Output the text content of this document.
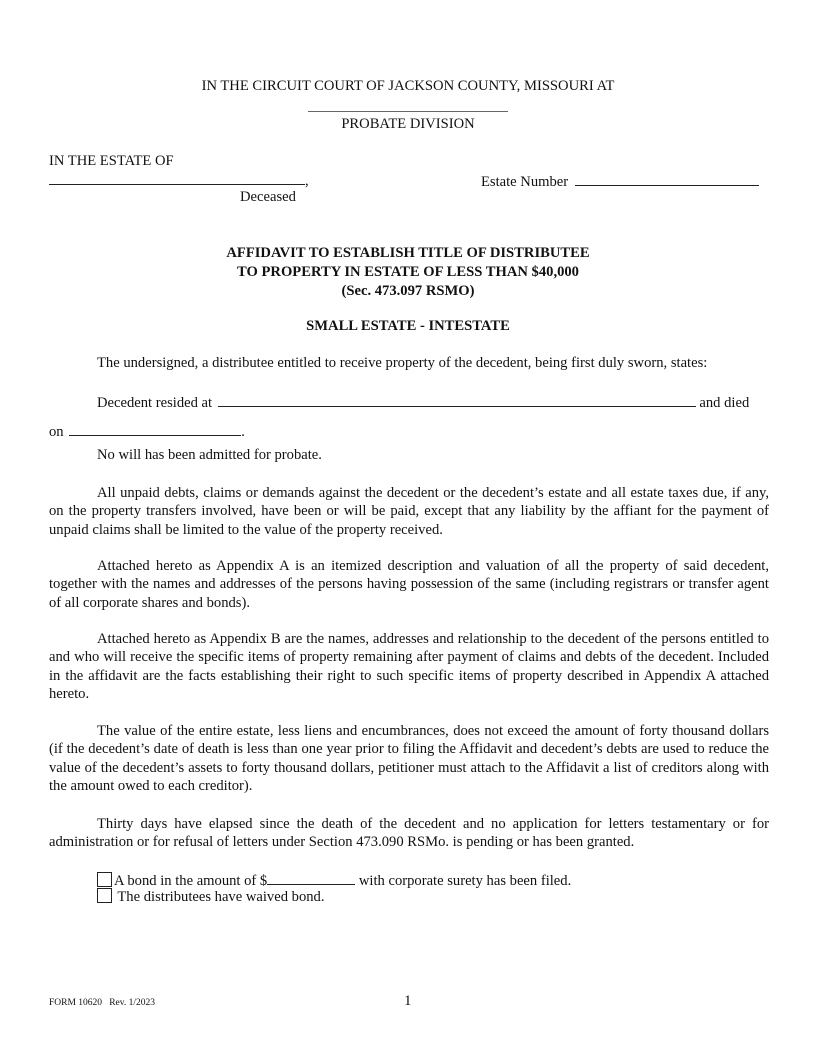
IN THE CIRCUIT COURT OF JACKSON COUNTY, MISSOURI AT
PROBATE DIVISION
IN THE ESTATE OF
,
Deceased
Estate Number
AFFIDAVIT TO ESTABLISH TITLE OF DISTRIBUTEE
TO PROPERTY IN ESTATE OF LESS THAN $40,000
(Sec. 473.097 RSMO)
SMALL ESTATE - INTESTATE
The undersigned, a distributee entitled to receive property of the decedent, being first duly sworn, states:
Decedent resided at	and died
on	.
No will has been admitted for probate.
All unpaid debts, claims or demands against the decedent or the decedent’s estate and all estate taxes due, if any, on the property transfers involved, have been or will be paid, except that any liability by the affiant for the payment of unpaid claims shall be limited to the value of the property received.
Attached hereto as Appendix A is an itemized description and valuation of all the property of said decedent, together with the names and addresses of the persons having possession of the same (including registrars or transfer agent of all corporate shares and bonds).
Attached hereto as Appendix B are the names, addresses and relationship to the decedent of the persons entitled to and who will receive the specific items of property remaining after payment of claims and debts of the decedent. Included in the affidavit are the facts establishing their right to such specific items of property described in Appendix A attached hereto.
The value of the entire estate, less liens and encumbrances, does not exceed the amount of forty thousand dollars (if the decedent’s date of death is less than one year prior to filing the Affidavit and decedent’s debts are used to reduce the value of the decedent’s assets to forty thousand dollars, petitioner must attach to the Affidavit a list of creditors along with the amount owed to each creditor).
Thirty days have elapsed since the death of the decedent and no application for letters testamentary or for administration or for refusal of letters under Section 473.090 RSMo. is pending or has been granted.
A bond in the amount of $	with corporate surety has been filed.
The distributees have waived bond.
FORM 10620 Rev. 1/2023	1
